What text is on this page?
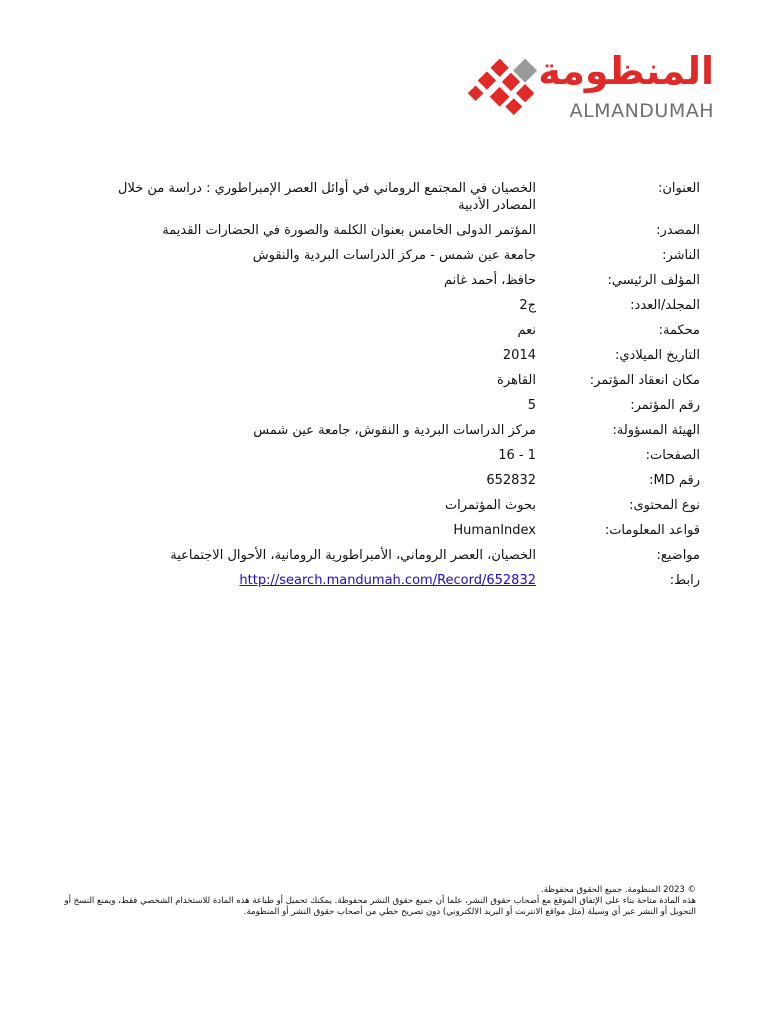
المنظومة
ALMANDUMAH
العنوان:
الخصيان في المجتمع الروماني في أوائل العصر الإمبراطوري : دراسة من خلال المصادر الأدبية
المصدر:
المؤتمر الدولى الخامس بعنوان الكلمة والصورة في الحضارات القديمة
الناشر:
جامعة عين شمس - مركز الدراسات البردية والنقوش
المؤلف الرئيسي:
حافظ، أحمد غانم
المجلد/العدد:
ج2
محكمة:
نعم
التاريخ الميلادي:
2014
مكان انعقاد المؤتمر:
القاهرة
رقم المؤتمر:
5
الهيئة المسؤولة:
مركز الدراسات البردية و النقوش، جامعة عين شمس
الصفحات:
1 - 16
رقم MD:
652832
نوع المحتوى:
بحوث المؤتمرات
قواعد المعلومات:
HumanIndex
مواضيع:
الخصيان، العصر الروماني، الأمبراطورية الرومانية، الأحوال الاجتماعية
رابط:
http://search.mandumah.com/Record/652832

© 2023 المنظومة. جميع الحقوق محفوظة.

هذه المادة متاحة بناء على الإتفاق الموقع مع أصحاب حقوق النشر، علما أن جميع حقوق النشر محفوظة. يمكنك تحميل أو طباعة هذه المادة للاستخدام الشخصي فقط، ويمنع النسخ أو التحويل أو النشر عبر أي وسيلة (مثل مواقع الانترنت أو البريد الالكتروني) دون تصريح خطي من أصحاب حقوق النشر أو المنظومة.
